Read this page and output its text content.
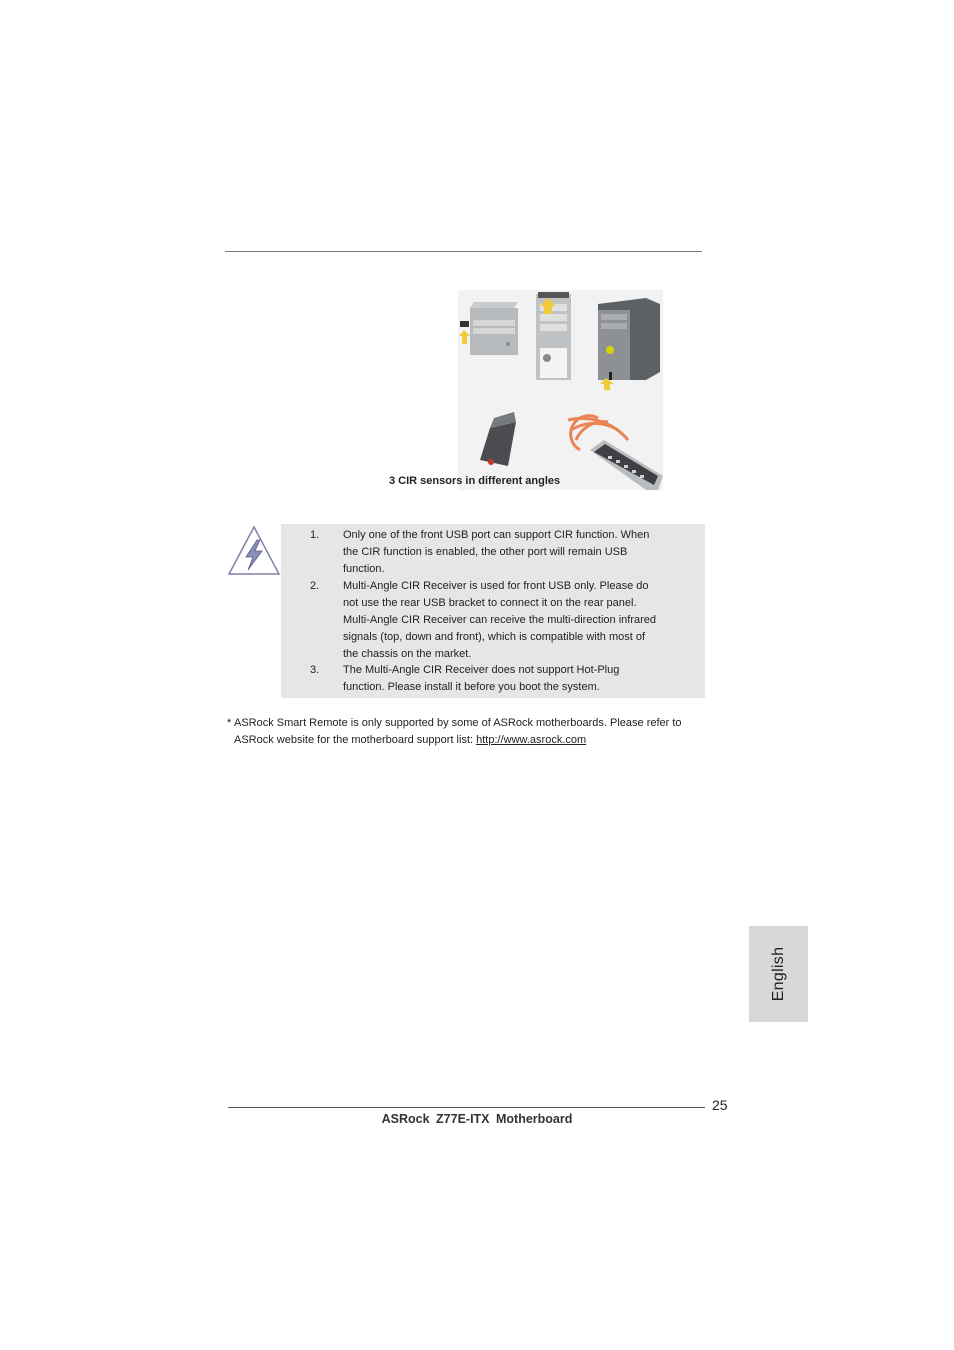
3 CIR sensors in different angles
1. Only one of the front USB port can support CIR function. When
the CIR function is enabled, the other port will remain USB
function.
2. Multi-Angle CIR Receiver is used for front USB only. Please do
not use the rear USB bracket to connect it on the rear panel.
Multi-Angle CIR Receiver can receive the multi-direction infrared
signals (top, down and front), which is compatible with most of
the chassis on the market.
3. The Multi-Angle CIR Receiver does not support Hot-Plug
function. Please install it before you boot the system.
* ASRock Smart Remote is only supported by some of ASRock motherboards. Please refer to ASRock website for the motherboard support list: http://www.asrock.com
English
25
ASRock Z77E-ITX Motherboard
